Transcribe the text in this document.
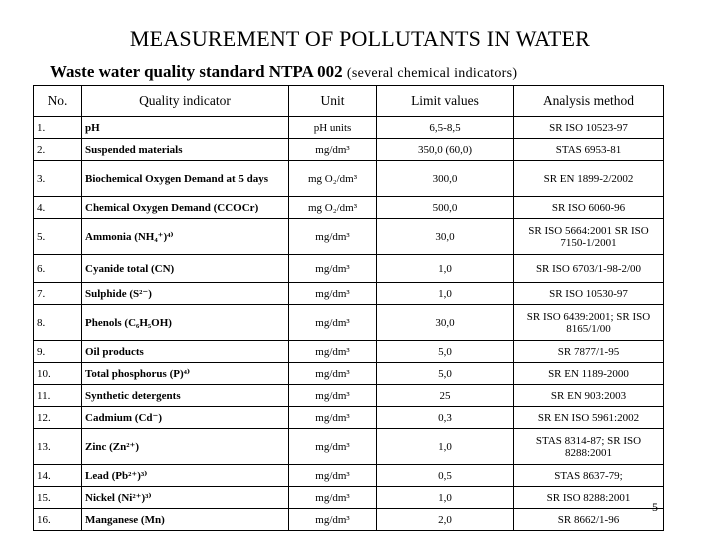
MEASUREMENT OF POLLUTANTS IN WATER
Waste water quality standard NTPA 002 (several chemical indicators)
No.	Quality indicator	Unit	Limit values	Analysis method
1.	pH	pH units	6,5-8,5	SR ISO 10523-97
2.	Suspended materials	mg/dm³	350,0 (60,0)	STAS 6953-81
3.	Biochemical Oxygen Demand at 5 days	mg O₂/dm³	300,0	SR EN 1899-2/2002
4.	Chemical Oxygen Demand (CCOCr)	mg O₂/dm³	500,0	SR ISO 6060-96
5.	Ammonia (NH₄⁺)⁴⁾	mg/dm³	30,0	SR ISO 5664:2001 SR ISO 7150-1/2001
6.	Cyanide total (CN)	mg/dm³	1,0	SR ISO 6703/1-98-2/00
7.	Sulphide (S²⁻)	mg/dm³	1,0	SR ISO 10530-97
8.	Phenols (C₆H₅OH)	mg/dm³	30,0	SR ISO 6439:2001; SR ISO 8165/1/00
9.	Oil products	mg/dm³	5,0	SR 7877/1-95
10.	Total phosphorus (P)⁴⁾	mg/dm³	5,0	SR EN 1189-2000
11.	Synthetic detergents	mg/dm³	25	SR EN 903:2003
12.	Cadmium (Cd⁻)	mg/dm³	0,3	SR EN ISO 5961:2002
13.	Zinc (Zn²⁺)	mg/dm³	1,0	STAS 8314-87; SR ISO 8288:2001
14.	Lead (Pb²⁺)³⁾	mg/dm³	0,5	STAS 8637-79;
15.	Nickel (Ni²⁺)³⁾	mg/dm³	1,0	SR ISO 8288:2001
16.	Manganese (Mn)	mg/dm³	2,0	SR 8662/1-96
5
